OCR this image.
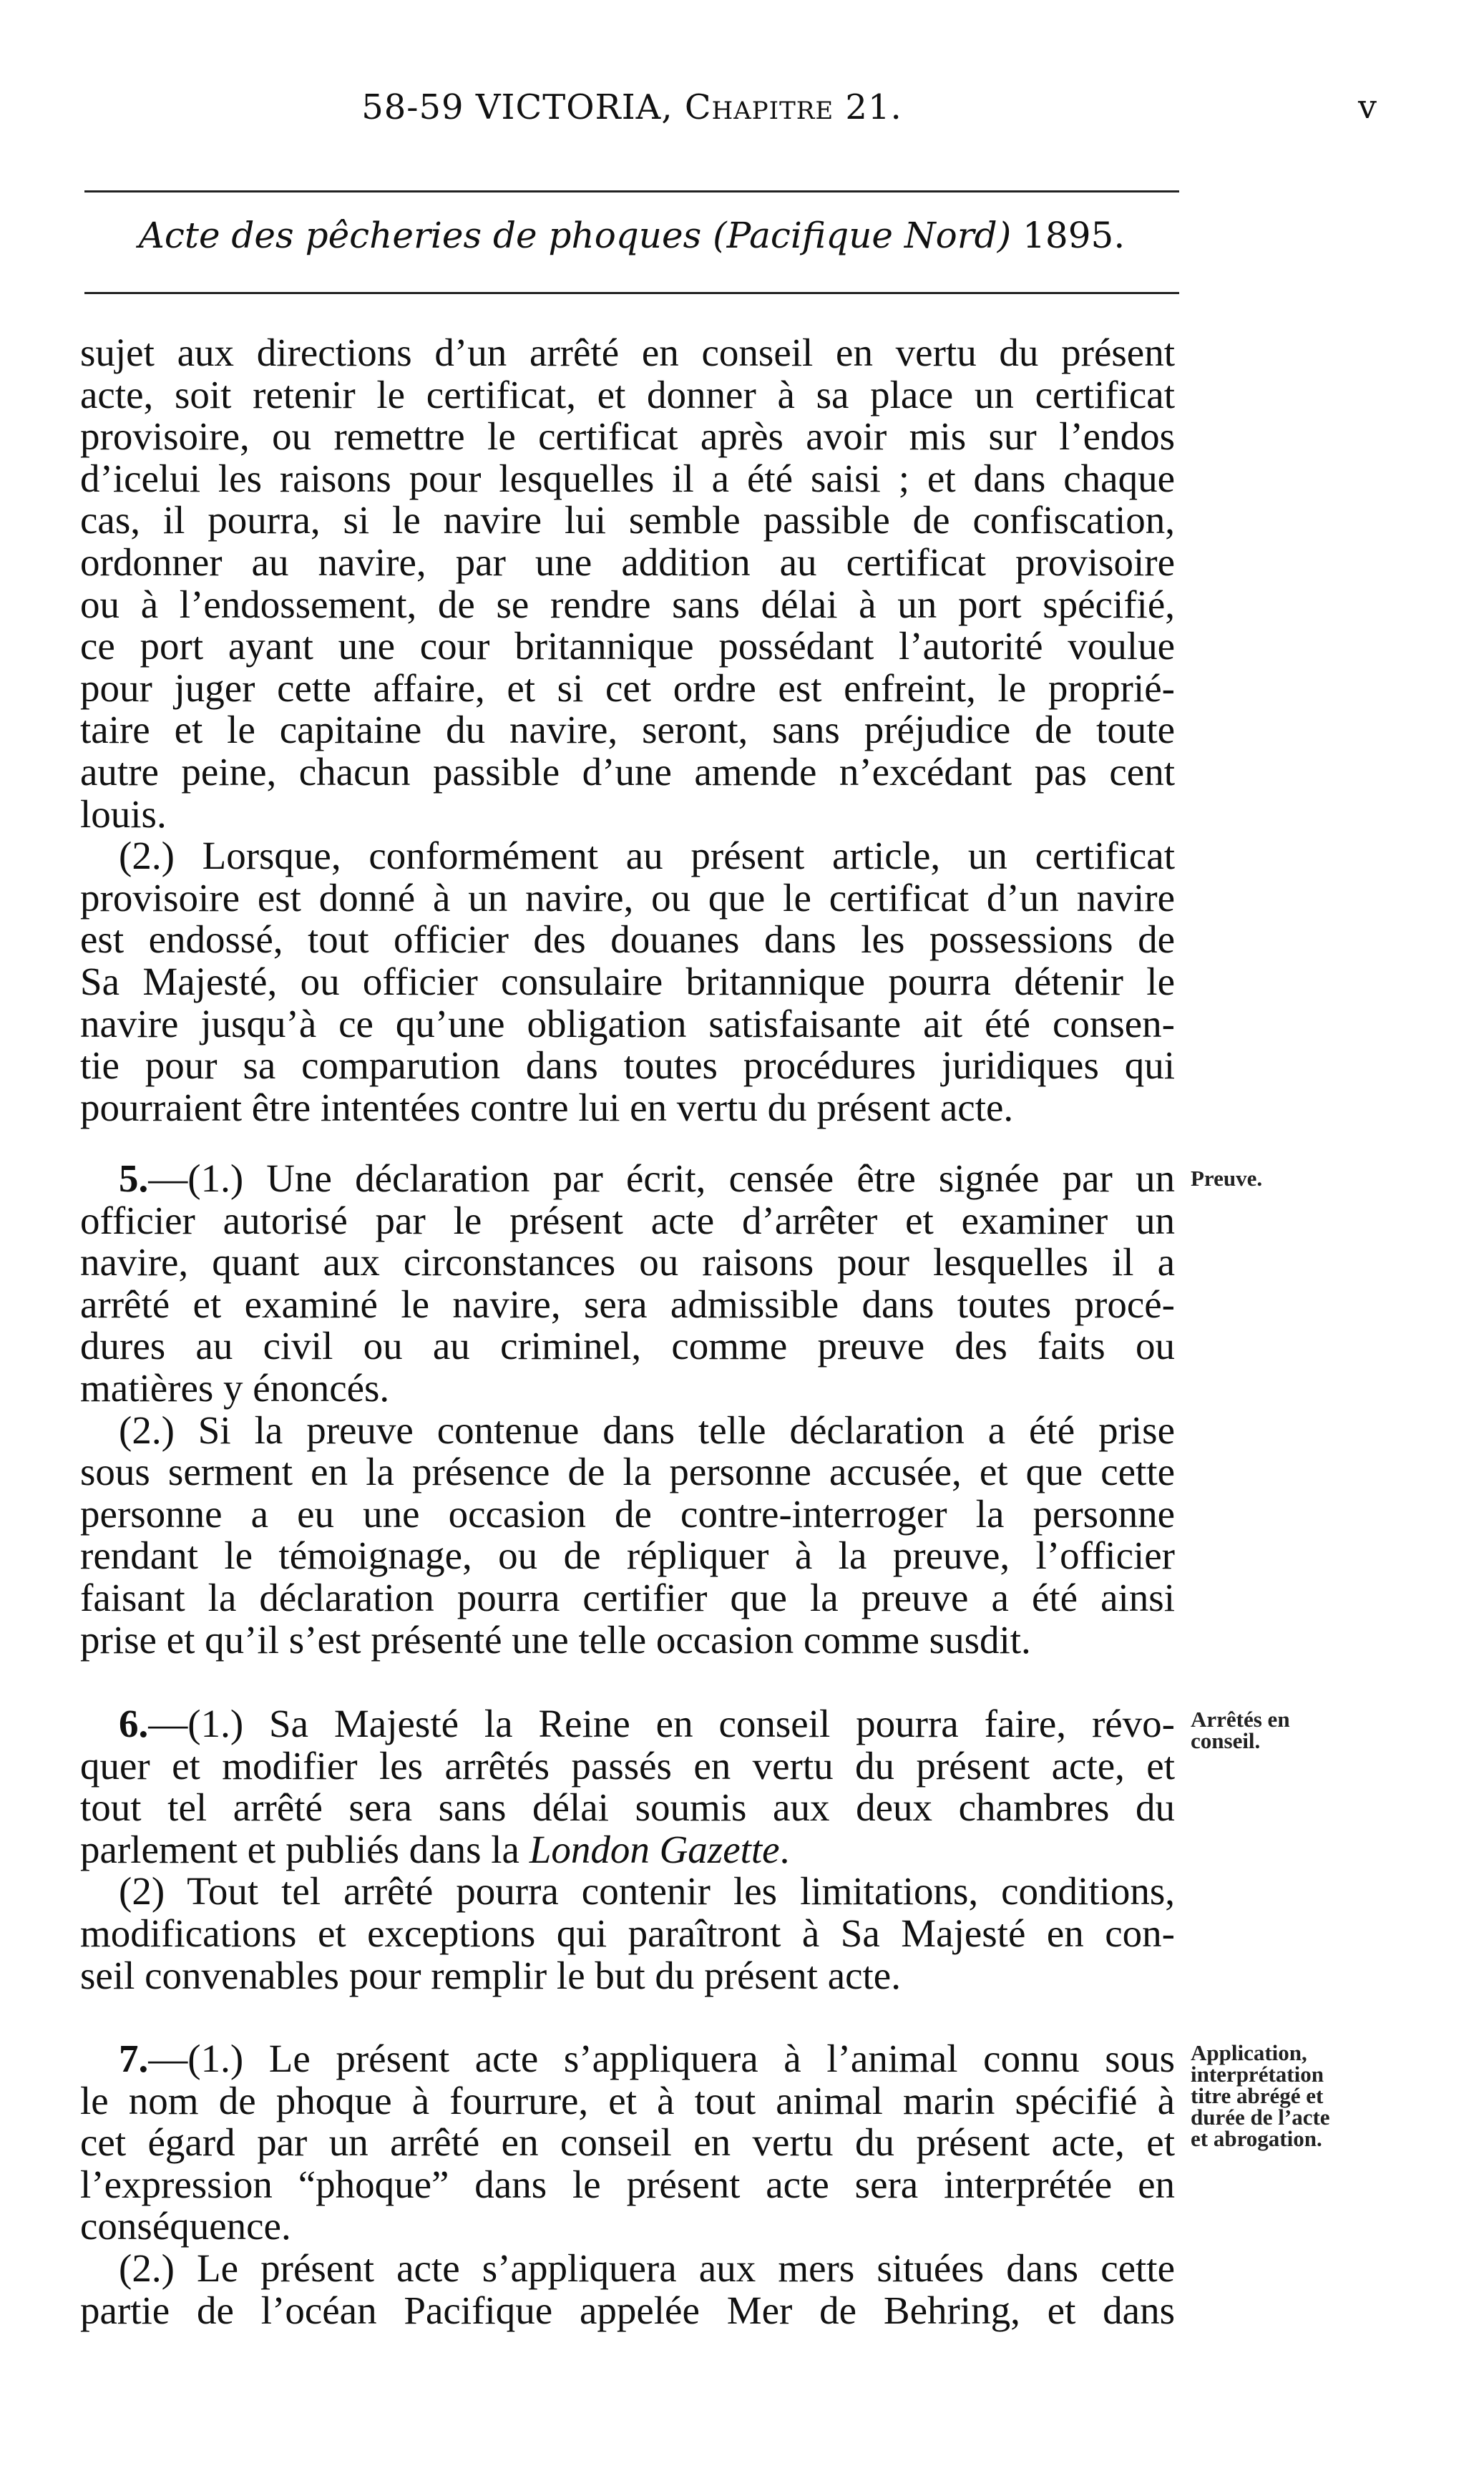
58-59 VICTORIA, Chapitre 21.	v
Acte des pêcheries de phoques (Pacifique Nord) 1895.
sujet aux directions d’un arrêté en conseil en vertu du présent
acte, soit retenir le certificat, et donner à sa place un certificat
provisoire, ou remettre le certificat après avoir mis sur l’endos
d’icelui les raisons pour lesquelles il a été saisi ; et dans chaque
cas, il pourra, si le navire lui semble passible de confiscation,
ordonner au navire, par une addition au certificat provisoire
ou à l’endossement, de se rendre sans délai à un port spécifié,
ce port ayant une cour britannique possédant l’autorité voulue
pour juger cette affaire, et si cet ordre est enfreint, le proprié-
taire et le capitaine du navire, seront, sans préjudice de toute
autre peine, chacun passible d’une amende n’excédant pas cent
louis.
(2.) Lorsque, conformément au présent article, un certificat
provisoire est donné à un navire, ou que le certificat d’un navire
est endossé, tout officier des douanes dans les possessions de
Sa Majesté, ou officier consulaire britannique pourra détenir le
navire jusqu’à ce qu’une obligation satisfaisante ait été consen-
tie pour sa comparution dans toutes procédures juridiques qui
pourraient être intentées contre lui en vertu du présent acte.
5.—(1.) Une déclaration par écrit, censée être signée par un
officier autorisé par le présent acte d’arrêter et examiner un
navire, quant aux circonstances ou raisons pour lesquelles il a
arrêté et examiné le navire, sera admissible dans toutes procé-
dures au civil ou au criminel, comme preuve des faits ou
matières y énoncés.
(2.) Si la preuve contenue dans telle déclaration a été prise
sous serment en la présence de la personne accusée, et que cette
personne a eu une occasion de contre-interroger la personne
rendant le témoignage, ou de répliquer à la preuve, l’officier
faisant la déclaration pourra certifier que la preuve a été ainsi
prise et qu’il s’est présenté une telle occasion comme susdit.
Preuve.
6.—(1.) Sa Majesté la Reine en conseil pourra faire, révo-
quer et modifier les arrêtés passés en vertu du présent acte, et
tout tel arrêté sera sans délai soumis aux deux chambres du
parlement et publiés dans la London Gazette.
(2) Tout tel arrêté pourra contenir les limitations, conditions,
modifications et exceptions qui paraîtront à Sa Majesté en con-
seil convenables pour remplir le but du présent acte.
Arrêtés en
conseil.
7.—(1.) Le présent acte s’appliquera à l’animal connu sous
le nom de phoque à fourrure, et à tout animal marin spécifié à
cet égard par un arrêté en conseil en vertu du présent acte, et
l’expression “phoque” dans le présent acte sera interprétée en
conséquence.
(2.) Le présent acte s’appliquera aux mers situées dans cette
partie de l’océan Pacifique appelée Mer de Behring, et dans
Application,
interprétation
titre abrégé et
durée de l’acte
et abrogation.
